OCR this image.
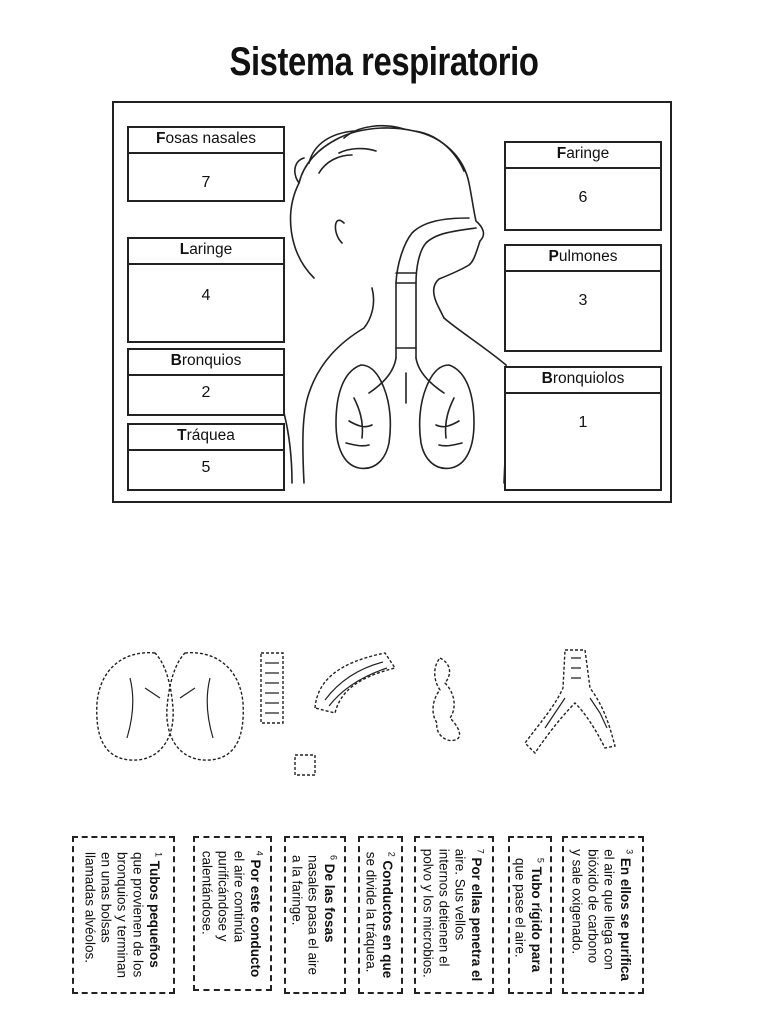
Sistema respiratorio
Fosas nasales
7
Laringe
4
Bronquios
2
Tráquea
5
Faringe
6
Pulmones
3
Bronquiolos
1
$^1$ Tubos pequeños
que provienen de los
bronquios y terminan
en unas bolsas
llamadas alvéolos.	$^4$ Por este conducto
el aire continúa
purificándose y
calentándose.	$^6$ De las fosas
nasales pasa el aire
a la faringe.
$^2$ Conductos en que
se divide la tráquea.
$^7$ Por ellas penetra el
aire. Sus vellos
internos detienen el
polvo y los microbios.	$^5$ Tubo rígido para
que pase el aire.
$^3$ En ellos se purifica
el aire que llega con
bióxido de carbono
y sale oxigenado.
